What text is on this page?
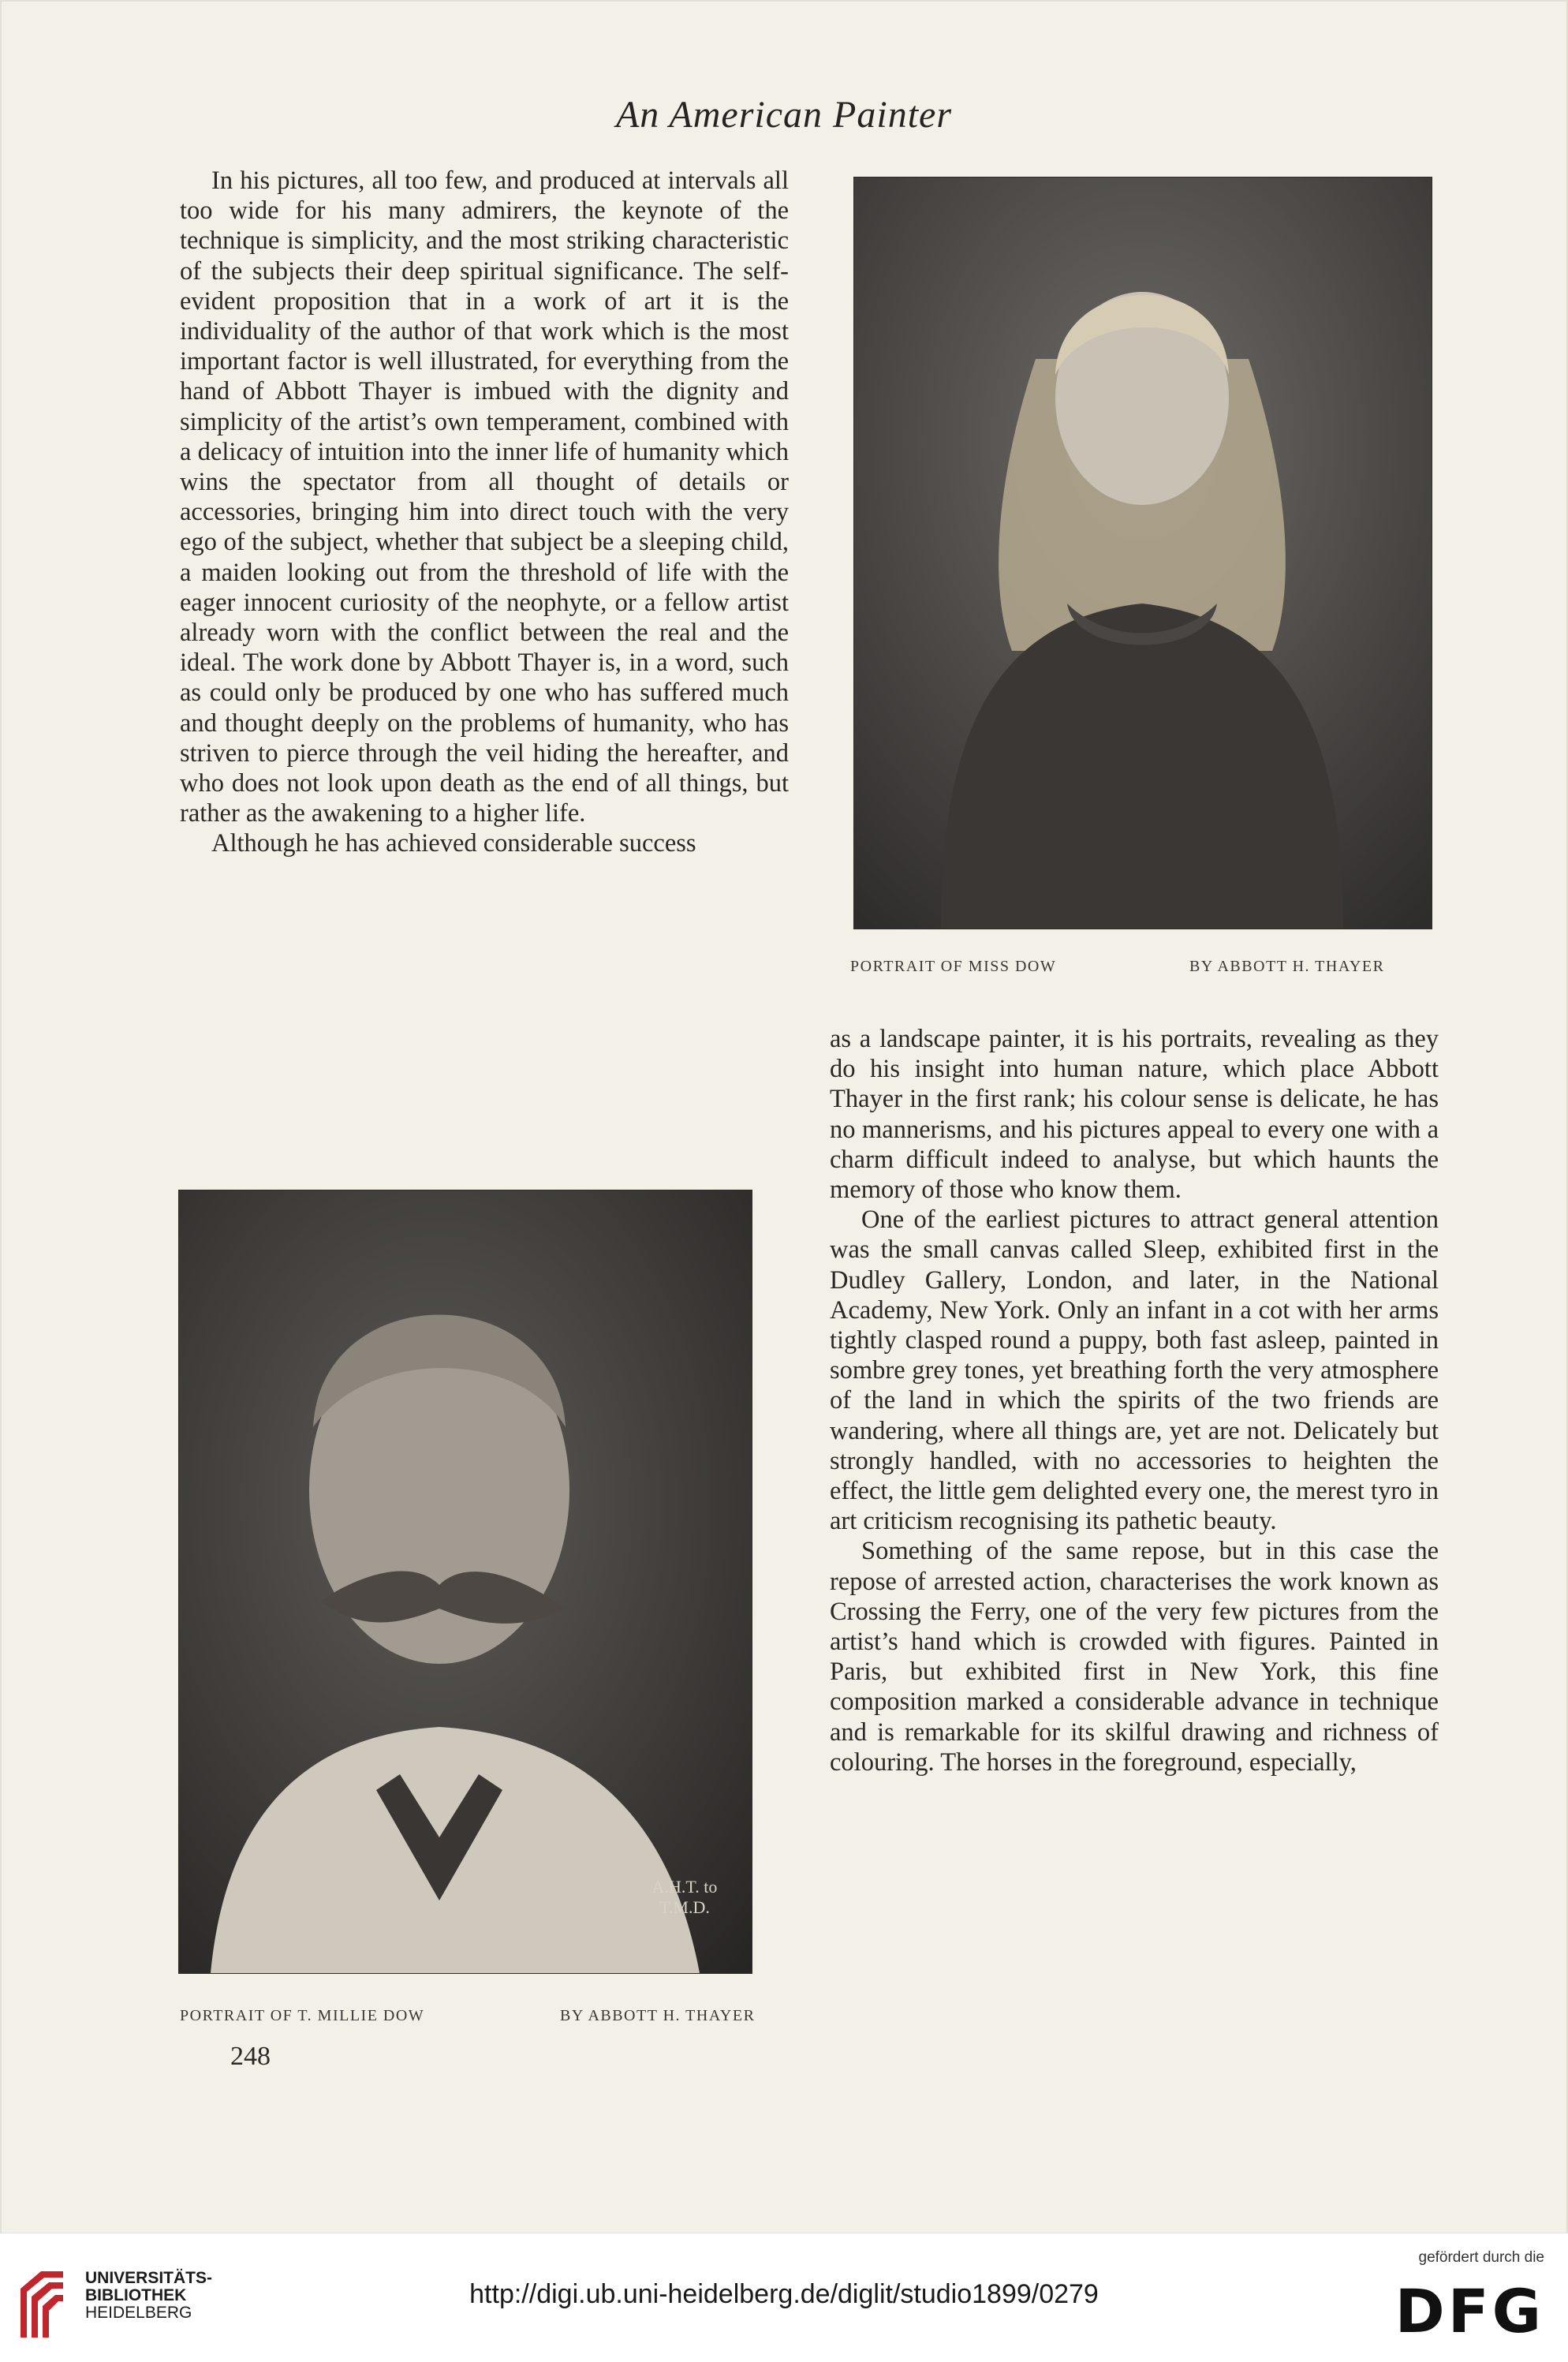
An American Painter

In his pictures, all too few, and produced at intervals all too wide for his many admirers, the keynote of the technique is simplicity, and the most striking characteristic of the subjects their deep spiritual significance. The self-evident proposition that in a work of art it is the individuality of the author of that work which is the most important factor is well illustrated, for everything from the hand of Abbott Thayer is imbued with the dignity and simplicity of the artist’s own temperament, combined with a delicacy of intuition into the inner life of humanity which wins the spectator from all thought of details or accessories, bringing him into direct touch with the very ego of the subject, whether that subject be a sleeping child, a maiden looking out from the threshold of life with the eager innocent curiosity of the neophyte, or a fellow artist already worn with the conflict between the real and the ideal. The work done by Abbott Thayer is, in a word, such as could only be produced by one who has suffered much and thought deeply on the problems of humanity, who has striven to pierce through the veil hiding the hereafter, and who does not look upon death as the end of all things, but rather as the awakening to a higher life.

Although he has achieved considerable success

PORTRAIT OF MISS DOW	BY ABBOTT H. THAYER

as a landscape painter, it is his portraits, revealing as they do his insight into human nature, which place Abbott Thayer in the first rank; his colour sense is delicate, he has no mannerisms, and his pictures appeal to every one with a charm difficult indeed to analyse, but which haunts the memory of those who know them.

One of the earliest pictures to attract general attention was the small canvas called Sleep, exhibited first in the Dudley Gallery, London, and later, in the National Academy, New York. Only an infant in a cot with her arms tightly clasped round a puppy, both fast asleep, painted in sombre grey tones, yet breathing forth the very atmosphere of the land in which the spirits of the two friends are wandering, where all things are, yet are not. Delicately but strongly handled, with no accessories to heighten the effect, the little gem delighted every one, the merest tyro in art criticism recognising its pathetic beauty.

Something of the same repose, but in this case the repose of arrested action, characterises the work known as Crossing the Ferry, one of the very few pictures from the artist’s hand which is crowded with figures. Painted in Paris, but exhibited first in New York, this fine composition marked a considerable advance in technique and is remarkable for its skilful drawing and richness of colouring. The horses in the foreground, especially,

A.H.T. to T.M.D.
PORTRAIT OF T. MILLIE DOW	BY ABBOTT H. THAYER
248
UNIVERSITÄTS-
BIBLIOTHEK
HEIDELBERG
http://digi.ub.uni-heidelberg.de/diglit/studio1899/0279
gefördert durch die
DFG
